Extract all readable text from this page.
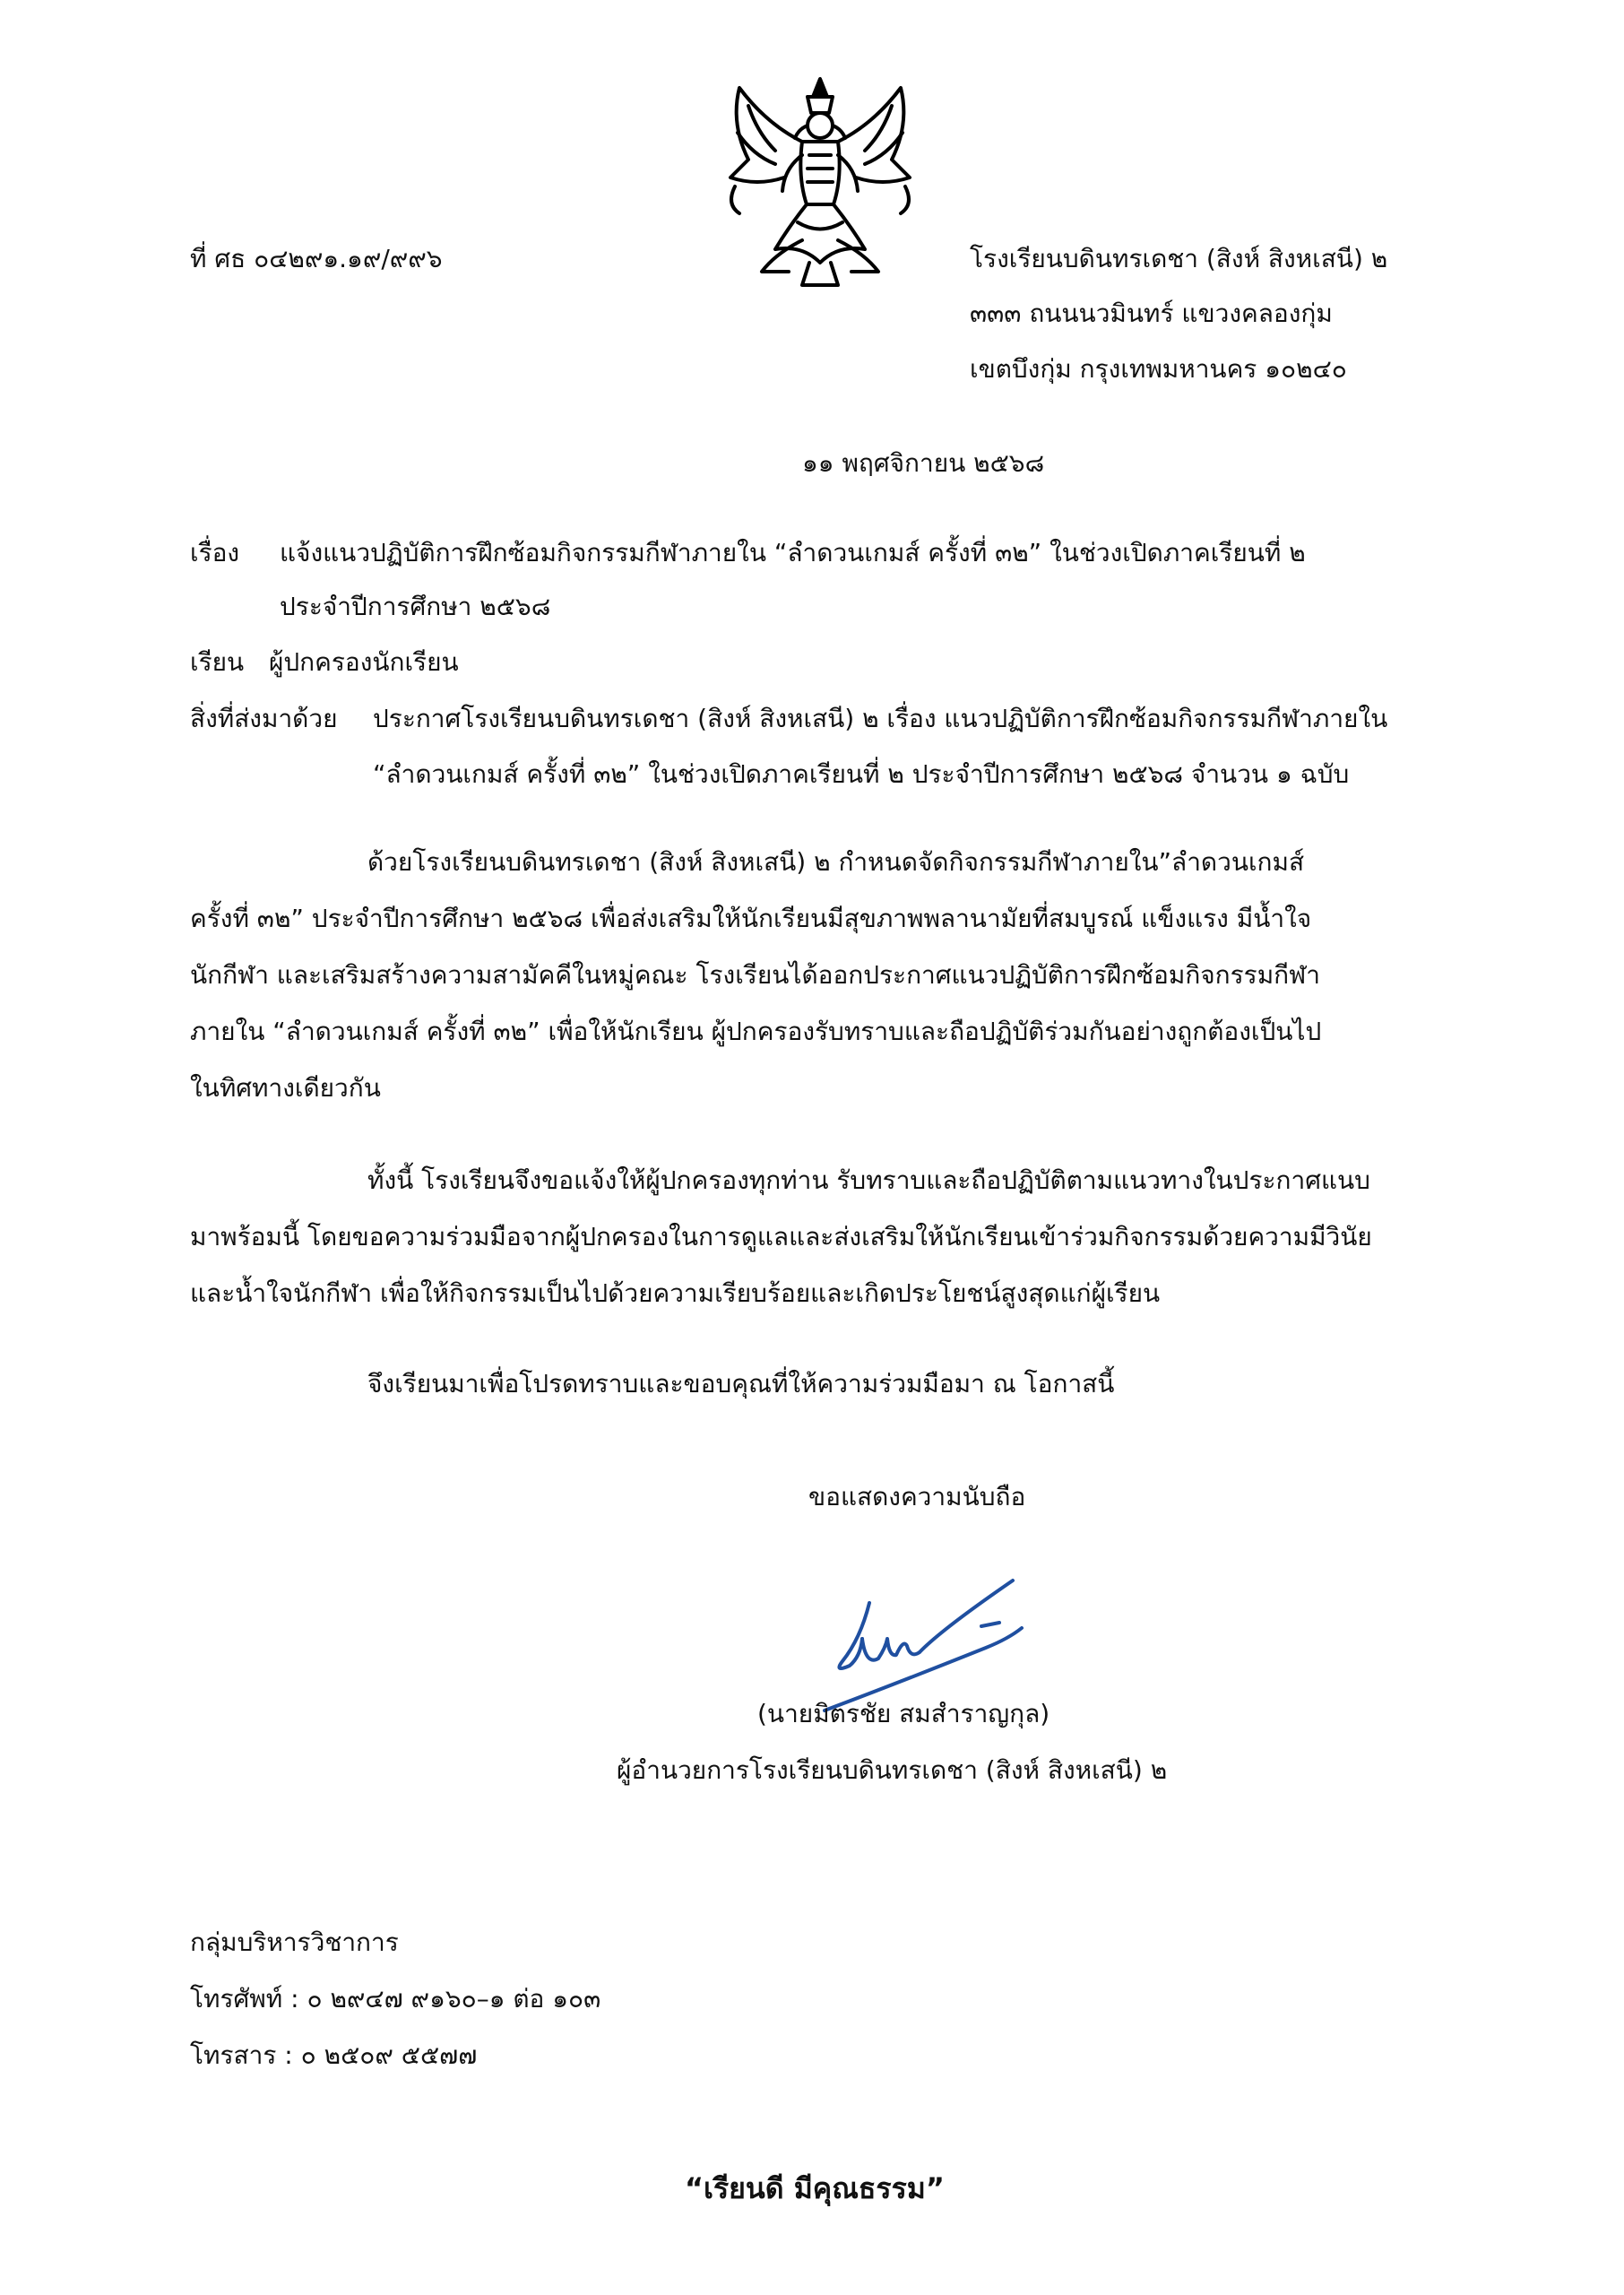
ที่ ศธ ๐๔๒๙๑.๑๙/๙๙๖	โรงเรียนบดินทรเดชา (สิงห์ สิงหเสนี) ๒
๓๓๓ ถนนนวมินทร์ แขวงคลองกุ่ม
เขตบึงกุ่ม กรุงเทพมหานคร ๑๐๒๔๐
๑๑ พฤศจิกายน ๒๕๖๘
เรื่อง แจ้งแนวปฏิบัติการฝึกซ้อมกิจกรรมกีฬาภายใน “ลำดวนเกมส์ ครั้งที่ ๓๒” ในช่วงเปิดภาคเรียนที่ ๒
ประจำปีการศึกษา ๒๕๖๘
เรียน ผู้ปกครองนักเรียน
สิ่งที่ส่งมาด้วย ประกาศโรงเรียนบดินทรเดชา (สิงห์ สิงหเสนี) ๒ เรื่อง แนวปฏิบัติการฝึกซ้อมกิจกรรมกีฬาภายใน
“ลำดวนเกมส์ ครั้งที่ ๓๒” ในช่วงเปิดภาคเรียนที่ ๒ ประจำปีการศึกษา ๒๕๖๘ จำนวน ๑ ฉบับ
ด้วยโรงเรียนบดินทรเดชา (สิงห์ สิงหเสนี) ๒ กำหนดจัดกิจกรรมกีฬาภายใน”ลำดวนเกมส์
ครั้งที่ ๓๒” ประจำปีการศึกษา ๒๕๖๘ เพื่อส่งเสริมให้นักเรียนมีสุขภาพพลานามัยที่สมบูรณ์ แข็งแรง มีน้ำใจ
นักกีฬา และเสริมสร้างความสามัคคีในหมู่คณะ โรงเรียนได้ออกประกาศแนวปฏิบัติการฝึกซ้อมกิจกรรมกีฬา
ภายใน “ลำดวนเกมส์ ครั้งที่ ๓๒” เพื่อให้นักเรียน ผู้ปกครองรับทราบและถือปฏิบัติร่วมกันอย่างถูกต้องเป็นไป
ในทิศทางเดียวกัน
ทั้งนี้ โรงเรียนจึงขอแจ้งให้ผู้ปกครองทุกท่าน รับทราบและถือปฏิบัติตามแนวทางในประกาศแนบ
มาพร้อมนี้ โดยขอความร่วมมือจากผู้ปกครองในการดูแลและส่งเสริมให้นักเรียนเข้าร่วมกิจกรรมด้วยความมีวินัย
และน้ำใจนักกีฬา เพื่อให้กิจกรรมเป็นไปด้วยความเรียบร้อยและเกิดประโยชน์สูงสุดแก่ผู้เรียน
จึงเรียนมาเพื่อโปรดทราบและขอบคุณที่ให้ความร่วมมือมา ณ โอกาสนี้
ขอแสดงความนับถือ
(นายมิตรชัย สมสำราญกุล)
ผู้อำนวยการโรงเรียนบดินทรเดชา (สิงห์ สิงหเสนี) ๒
กลุ่มบริหารวิชาการ
โทรศัพท์ : ๐ ๒๙๔๗ ๙๑๖๐–๑ ต่อ ๑๐๓
โทรสาร : ๐ ๒๕๐๙ ๕๕๗๗
“เรียนดี มีคุณธรรม”
